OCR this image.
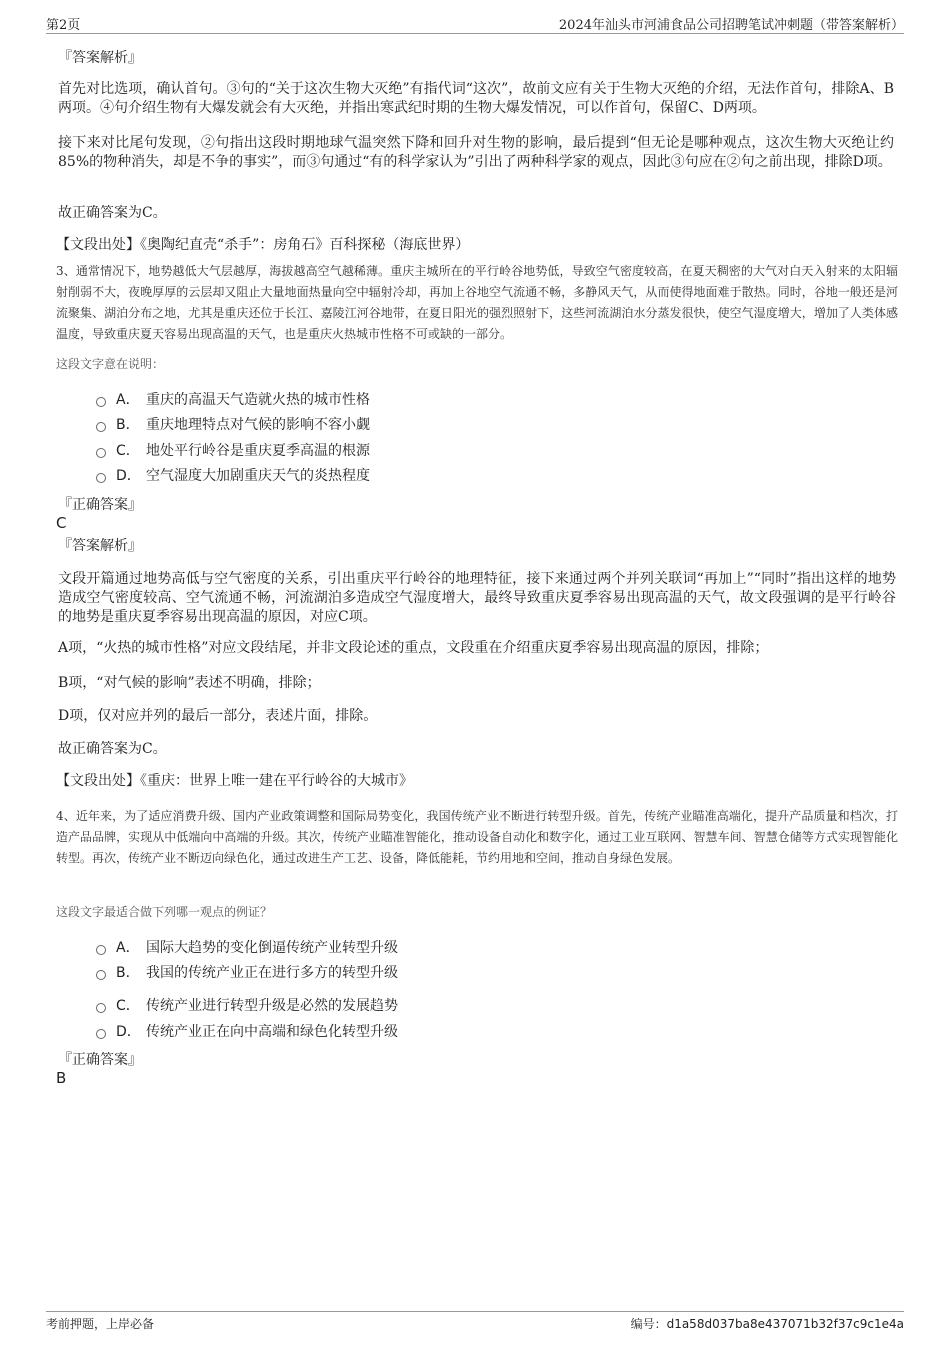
第2页	2024年汕头市河浦食品公司招聘笔试冲刺题（带答案解析）
『答案解析』
首先对比选项，确认首句。③句的“关于这次生物大灭绝”有指代词“这次”，故前文应有关于生物大灭绝的介绍，无法作首句，排除A、B两项。④句介绍生物有大爆发就会有大灭绝，并指出寒武纪时期的生物大爆发情况，可以作首句，保留C、D两项。
接下来对比尾句发现，②句指出这段时期地球气温突然下降和回升对生物的影响，最后提到“但无论是哪种观点，这次生物大灭绝让约85%的物种消失，却是不争的事实”，而③句通过“有的科学家认为”引出了两种科学家的观点，因此③句应在②句之前出现，排除D项。
故正确答案为C。
【文段出处】《奥陶纪直壳“杀手”：房角石》百科探秘（海底世界）
3、通常情况下，地势越低大气层越厚，海拔越高空气越稀薄。重庆主城所在的平行岭谷地势低，导致空气密度较高，在夏天稠密的大气对白天入射来的太阳辐射削弱不大，夜晚厚厚的云层却又阻止大量地面热量向空中辐射冷却，再加上谷地空气流通不畅，多静风天气，从而使得地面难于散热。同时，谷地一般还是河流聚集、湖泊分布之地，尤其是重庆还位于长江、嘉陵江河谷地带，在夏日阳光的强烈照射下，这些河流湖泊水分蒸发很快，使空气湿度增大，增加了人类体感温度，导致重庆夏天容易出现高温的天气，也是重庆火热城市性格不可或缺的一部分。
这段文字意在说明：
A． 重庆的高温天气造就火热的城市性格
B． 重庆地理特点对气候的影响不容小觑
C． 地处平行岭谷是重庆夏季高温的根源
D． 空气湿度大加剧重庆天气的炎热程度
『正确答案』
C
『答案解析』
文段开篇通过地势高低与空气密度的关系，引出重庆平行岭谷的地理特征，接下来通过两个并列关联词“再加上”“同时”指出这样的地势造成空气密度较高、空气流通不畅，河流湖泊多造成空气湿度增大，最终导致重庆夏季容易出现高温的天气，故文段强调的是平行岭谷的地势是重庆夏季容易出现高温的原因，对应C项。
A项，“火热的城市性格”对应文段结尾，并非文段论述的重点，文段重在介绍重庆夏季容易出现高温的原因，排除；
B项，“对气候的影响”表述不明确，排除；
D项，仅对应并列的最后一部分，表述片面，排除。
故正确答案为C。
【文段出处】《重庆：世界上唯一建在平行岭谷的大城市》
4、近年来，为了适应消费升级、国内产业政策调整和国际局势变化，我国传统产业不断进行转型升级。首先，传统产业瞄准高端化，提升产品质量和档次，打造产品品牌，实现从中低端向中高端的升级。其次，传统产业瞄准智能化，推动设备自动化和数字化，通过工业互联网、智慧车间、智慧仓储等方式实现智能化转型。再次，传统产业不断迈向绿色化，通过改进生产工艺、设备，降低能耗，节约用地和空间，推动自身绿色发展。
这段文字最适合做下列哪一观点的例证？
A． 国际大趋势的变化倒逼传统产业转型升级
B． 我国的传统产业正在进行多方的转型升级
C． 传统产业进行转型升级是必然的发展趋势
D． 传统产业正在向中高端和绿色化转型升级
『正确答案』
B
考前押题，上岸必备	编号：d1a58d037ba8e437071b32f37c9c1e4a
